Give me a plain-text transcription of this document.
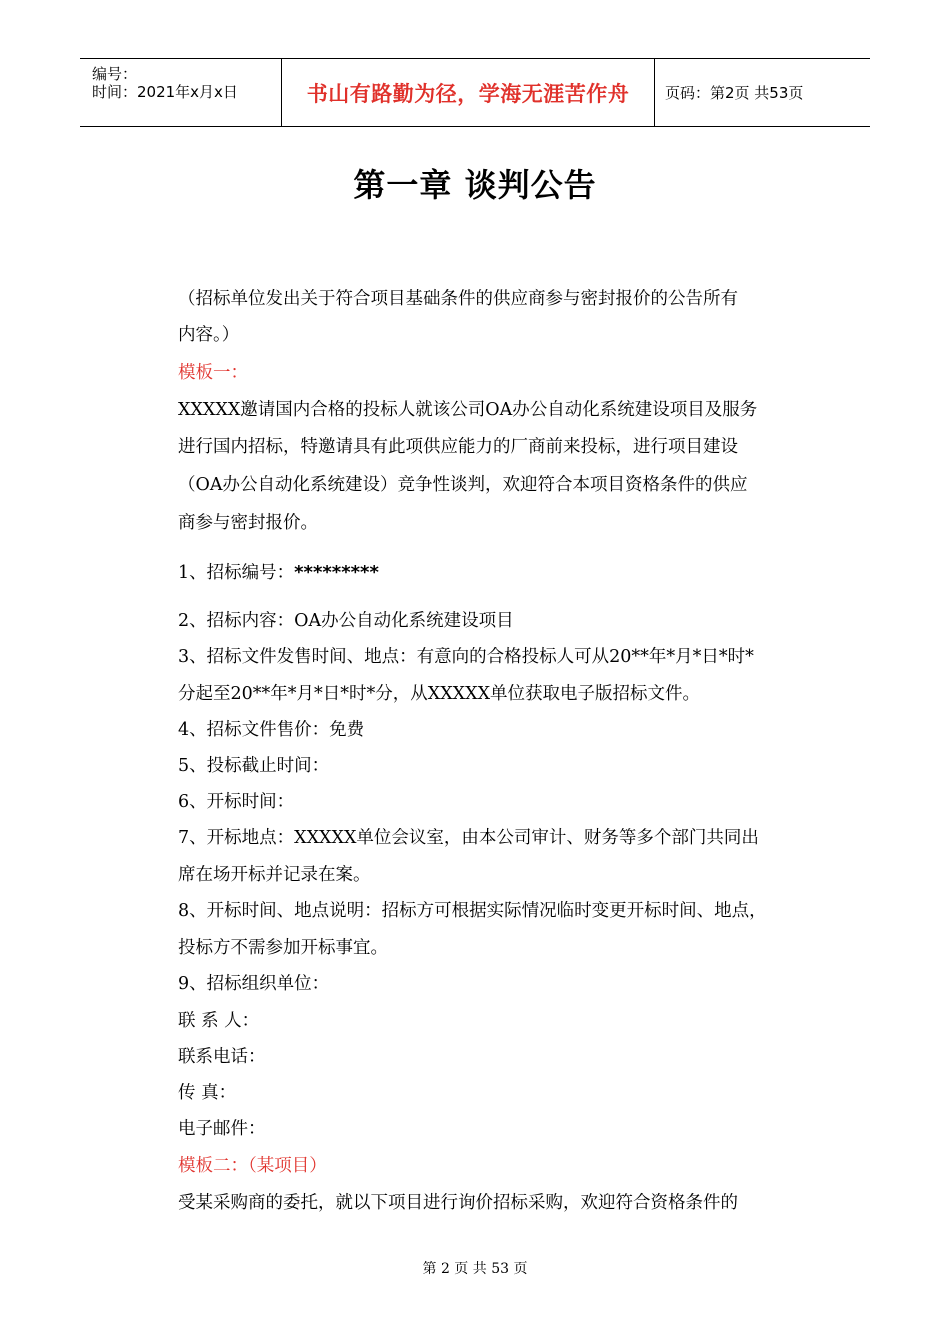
编号：
时间：2021年x月x日	书山有路勤为径，学海无涯苦作舟	页码：第2页 共53页
第一章 谈判公告
（招标单位发出关于符合项目基础条件的供应商参与密封报价的公告所有
内容。）
模板一：
XXXXX邀请国内合格的投标人就该公司OA办公自动化系统建设项目及服务
进行国内招标，特邀请具有此项供应能力的厂商前来投标，进行项目建设
（OA办公自动化系统建设）竞争性谈判，欢迎符合本项目资格条件的供应
商参与密封报价。
1、招标编号：*********
2、招标内容：OA办公自动化系统建设项目
3、招标文件发售时间、地点：有意向的合格投标人可从20**年*月*日*时*
分起至20**年*月*日*时*分，从XXXXX单位获取电子版招标文件。
4、招标文件售价：免费
5、投标截止时间：
6、开标时间：
7、开标地点：XXXXX单位会议室，由本公司审计、财务等多个部门共同出
席在场开标并记录在案。
8、开标时间、地点说明：招标方可根据实际情况临时变更开标时间、地点，
投标方不需参加开标事宜。
9、招标组织单位：
联 系 人：
联系电话：
传 真：
电子邮件：
模板二：（某项目）
受某采购商的委托，就以下项目进行询价招标采购，欢迎符合资格条件的
第 2 页 共 53 页
